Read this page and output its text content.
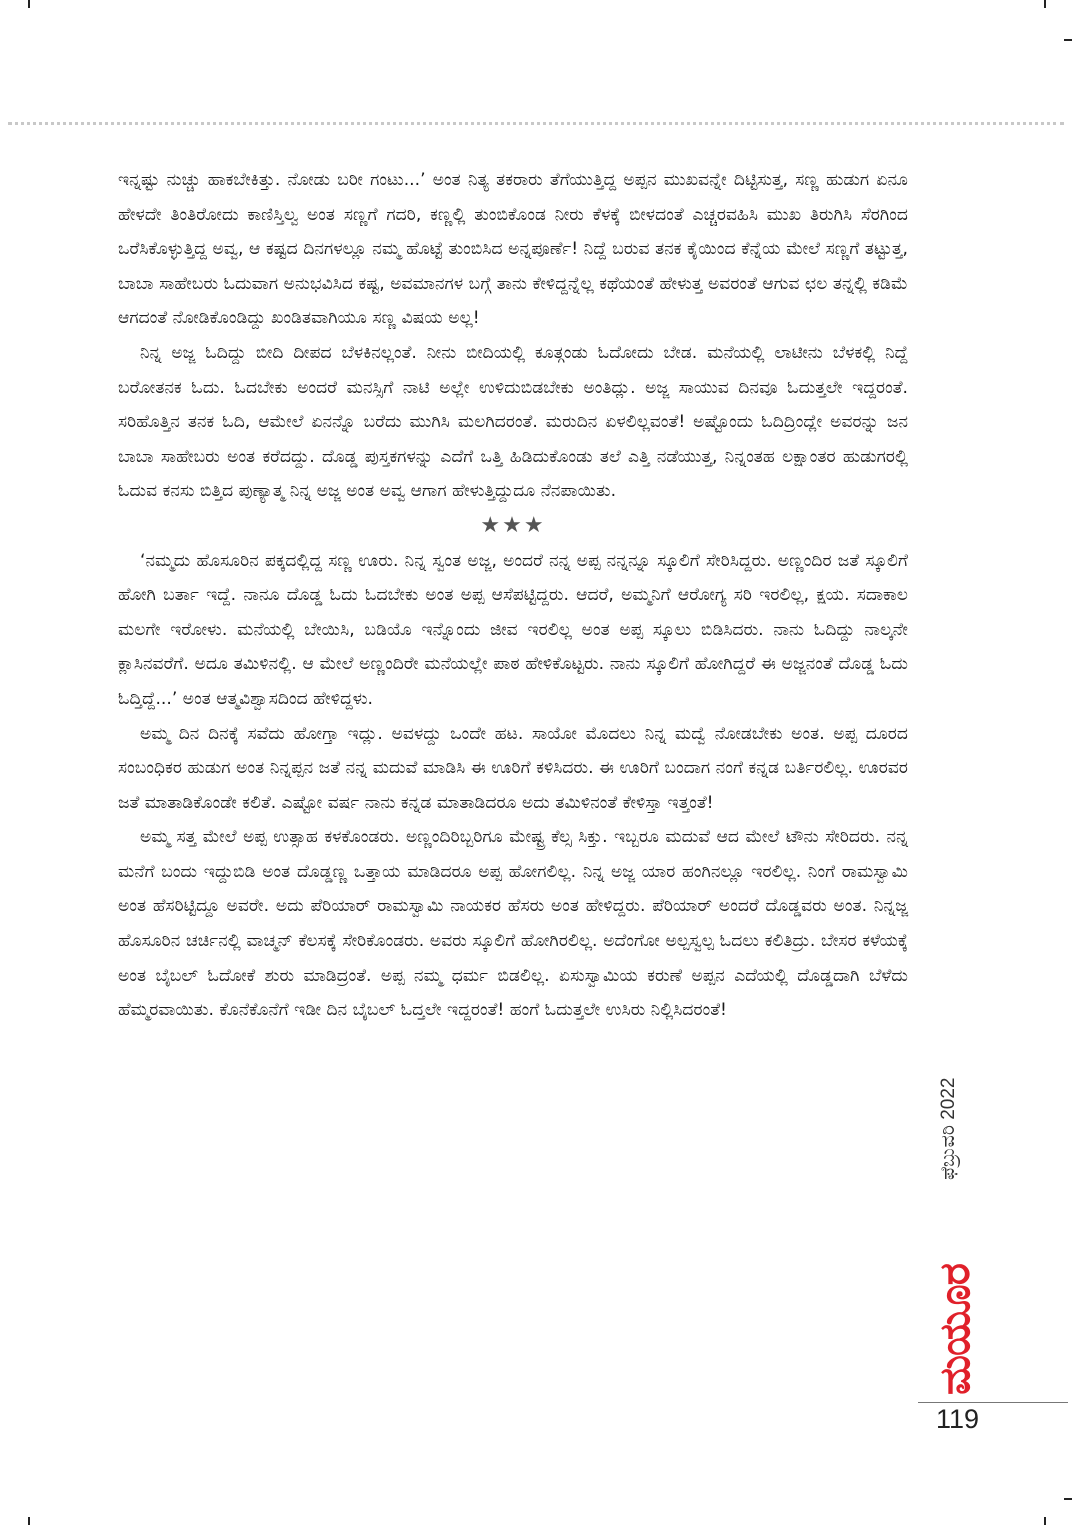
ಇನ್ನಷ್ಟು ನುಚ್ಚು ಹಾಕಬೇಕಿತ್ತು. ನೋಡು ಬರೀ ಗಂಟು...’ ಅಂತ ನಿತ್ಯ ತಕರಾರು ತೆಗೆಯುತ್ತಿದ್ದ ಅಪ್ಪನ ಮುಖವನ್ನೇ ದಿಟ್ಟಿಸುತ್ತ, ಸಣ್ಣ ಹುಡುಗ ಏನೂ ಹೇಳದೇ ತಿಂತಿರೋದು ಕಾಣಿಸ್ತಿಲ್ವ ಅಂತ ಸಣ್ಣಗೆ ಗದರಿ, ಕಣ್ಣಲ್ಲಿ ತುಂಬಿಕೊಂಡ ನೀರು ಕೆಳಕ್ಕೆ ಬೀಳದಂತೆ ಎಚ್ಚರವಹಿಸಿ ಮುಖ ತಿರುಗಿಸಿ ಸೆರಗಿಂದ ಒರೆಸಿಕೊಳ್ಳುತ್ತಿದ್ದ ಅವ್ವ, ಆ ಕಷ್ಟದ ದಿನಗಳಲ್ಲೂ ನಮ್ಮ ಹೊಟ್ಟೆ ತುಂಬಿಸಿದ ಅನ್ನಪೂರ್ಣೆ! ನಿದ್ದೆ ಬರುವ ತನಕ ಕೈಯಿಂದ ಕೆನ್ನೆಯ ಮೇಲೆ ಸಣ್ಣಗೆ ತಟ್ಟುತ್ತ, ಬಾಬಾ ಸಾಹೇಬರು ಓದುವಾಗ ಅನುಭವಿಸಿದ ಕಷ್ಟ, ಅವಮಾನಗಳ ಬಗ್ಗೆ ತಾನು ಕೇಳಿದ್ದನ್ನೆಲ್ಲ ಕಥೆಯಂತೆ ಹೇಳುತ್ತ ಅವರಂತೆ ಆಗುವ ಛಲ ತನ್ನಲ್ಲಿ ಕಡಿಮೆ ಆಗದಂತೆ ನೋಡಿಕೊಂಡಿದ್ದು ಖಂಡಿತವಾಗಿಯೂ ಸಣ್ಣ ವಿಷಯ ಅಲ್ಲ!

ನಿನ್ನ ಅಜ್ಜ ಓದಿದ್ದು ಬೀದಿ ದೀಪದ ಬೆಳಕಿನಲ್ಲಂತೆ. ನೀನು ಬೀದಿಯಲ್ಲಿ ಕೂತ್ಗಂಡು ಓದೋದು ಬೇಡ. ಮನೆಯಲ್ಲಿ ಲಾಟೀನು ಬೆಳಕಲ್ಲಿ ನಿದ್ದೆ ಬರೋತನಕ ಓದು. ಓದಬೇಕು ಅಂದರೆ ಮನಸ್ಸಿಗೆ ನಾಟಿ ಅಲ್ಲೇ ಉಳಿದುಬಿಡಬೇಕು ಅಂತಿದ್ಲು. ಅಜ್ಜ ಸಾಯುವ ದಿನವೂ ಓದುತ್ತಲೇ ಇದ್ದರಂತೆ. ಸರಿಹೊತ್ತಿನ ತನಕ ಓದಿ, ಆಮೇಲೆ ಏನನ್ನೊ ಬರೆದು ಮುಗಿಸಿ ಮಲಗಿದರಂತೆ. ಮರುದಿನ ಏಳಲಿಲ್ಲವಂತೆ! ಅಷ್ಟೊಂದು ಓದಿದ್ರಿಂದ್ಲೇ ಅವರನ್ನು ಜನ ಬಾಬಾ ಸಾಹೇಬರು ಅಂತ ಕರೆದದ್ದು. ದೊಡ್ಡ ಪುಸ್ತಕಗಳನ್ನು ಎದೆಗೆ ಒತ್ತಿ ಹಿಡಿದುಕೊಂಡು ತಲೆ ಎತ್ತಿ ನಡೆಯುತ್ತ, ನಿನ್ನಂತಹ ಲಕ್ಷಾಂತರ ಹುಡುಗರಲ್ಲಿ ಓದುವ ಕನಸು ಬಿತ್ತಿದ ಪುಣ್ಯಾತ್ಮ ನಿನ್ನ ಅಜ್ಜ ಅಂತ ಅವ್ವ ಆಗಾಗ ಹೇಳುತ್ತಿದ್ದುದೂ ನೆನಪಾಯಿತು.

★★★

‘ನಮ್ಮದು ಹೊಸೂರಿನ ಪಕ್ಕದಲ್ಲಿದ್ದ ಸಣ್ಣ ಊರು. ನಿನ್ನ ಸ್ವಂತ ಅಜ್ಜ, ಅಂದರೆ ನನ್ನ ಅಪ್ಪ ನನ್ನನ್ನೂ ಸ್ಕೂಲಿಗೆ ಸೇರಿಸಿದ್ದರು. ಅಣ್ಣಂದಿರ ಜತೆ ಸ್ಕೂಲಿಗೆ ಹೋಗಿ ಬರ್ತಾ ಇದ್ದೆ. ನಾನೂ ದೊಡ್ಡ ಓದು ಓದಬೇಕು ಅಂತ ಅಪ್ಪ ಆಸೆಪಟ್ಟಿದ್ದರು. ಆದರೆ, ಅಮ್ಮನಿಗೆ ಆರೋಗ್ಯ ಸರಿ ಇರಲಿಲ್ಲ, ಕ್ಷಯ. ಸದಾಕಾಲ ಮಲಗೇ ಇರೋಳು. ಮನೆಯಲ್ಲಿ ಬೇಯಿಸಿ, ಬಡಿಯೊ ಇನ್ನೊಂದು ಜೀವ ಇರಲಿಲ್ಲ ಅಂತ ಅಪ್ಪ ಸ್ಕೂಲು ಬಿಡಿಸಿದರು. ನಾನು ಓದಿದ್ದು ನಾಲ್ಕನೇ ಕ್ಲಾಸಿನವರೆಗೆ. ಅದೂ ತಮಿಳಿನಲ್ಲಿ. ಆ ಮೇಲೆ ಅಣ್ಣಂದಿರೇ ಮನೆಯಲ್ಲೇ ಪಾಠ ಹೇಳಿಕೊಟ್ಟರು. ನಾನು ಸ್ಕೂಲಿಗೆ ಹೋಗಿದ್ದರೆ ಈ ಅಜ್ಜನಂತೆ ದೊಡ್ಡ ಓದು ಓದ್ತಿದ್ದೆ...’ ಅಂತ ಆತ್ಮವಿಶ್ವಾಸದಿಂದ ಹೇಳಿದ್ದಳು.

ಅಮ್ಮ ದಿನ ದಿನಕ್ಕೆ ಸವೆದು ಹೋಗ್ತಾ ಇದ್ಲು. ಅವಳದ್ದು ಒಂದೇ ಹಟ. ಸಾಯೋ ಮೊದಲು ನಿನ್ನ ಮದ್ವೆ ನೋಡಬೇಕು ಅಂತ. ಅಪ್ಪ ದೂರದ ಸಂಬಂಧಿಕರ ಹುಡುಗ ಅಂತ ನಿನ್ನಪ್ಪನ ಜತೆ ನನ್ನ ಮದುವೆ ಮಾಡಿಸಿ ಈ ಊರಿಗೆ ಕಳಿಸಿದರು. ಈ ಊರಿಗೆ ಬಂದಾಗ ನಂಗೆ ಕನ್ನಡ ಬರ್ತಿರಲಿಲ್ಲ. ಊರವರ ಜತೆ ಮಾತಾಡಿಕೊಂಡೇ ಕಲಿತೆ. ಎಷ್ಟೋ ವರ್ಷ ನಾನು ಕನ್ನಡ ಮಾತಾಡಿದರೂ ಅದು ತಮಿಳಿನಂತೆ ಕೇಳಿಸ್ತಾ ಇತ್ತಂತೆ!

ಅಮ್ಮ ಸತ್ತ ಮೇಲೆ ಅಪ್ಪ ಉತ್ಸಾಹ ಕಳಕೊಂಡರು. ಅಣ್ಣಂದಿರಿಬ್ಬರಿಗೂ ಮೇಷ್ಟ್ರ ಕೆಲ್ಸ ಸಿಕ್ತು. ಇಬ್ಬರೂ ಮದುವೆ ಆದ ಮೇಲೆ ಟೌನು ಸೇರಿದರು. ನನ್ನ ಮನೆಗೆ ಬಂದು ಇದ್ದುಬಿಡಿ ಅಂತ ದೊಡ್ಡಣ್ಣ ಒತ್ತಾಯ ಮಾಡಿದರೂ ಅಪ್ಪ ಹೋಗಲಿಲ್ಲ. ನಿನ್ನ ಅಜ್ಜ ಯಾರ ಹಂಗಿನಲ್ಲೂ ಇರಲಿಲ್ಲ. ನಿಂಗೆ ರಾಮಸ್ವಾಮಿ ಅಂತ ಹೆಸರಿಟ್ಟಿದ್ದೂ ಅವರೇ. ಅದು ಪೆರಿಯಾರ್ ರಾಮಸ್ವಾಮಿ ನಾಯಕರ ಹೆಸರು ಅಂತ ಹೇಳಿದ್ದರು. ಪೆರಿಯಾರ್ ಅಂದರೆ ದೊಡ್ಡವರು ಅಂತ. ನಿನ್ನಜ್ಜ ಹೊಸೂರಿನ ಚರ್ಚಿನಲ್ಲಿ ವಾಚ್ಮನ್ ಕೆಲಸಕ್ಕೆ ಸೇರಿಕೊಂಡರು. ಅವರು ಸ್ಕೂಲಿಗೆ ಹೋಗಿರಲಿಲ್ಲ. ಅದೆಂಗೋ ಅಲ್ಪಸ್ವಲ್ಪ ಓದಲು ಕಲಿತಿದ್ರು. ಬೇಸರ ಕಳೆಯಕ್ಕೆ ಅಂತ ಬೈಬಲ್ ಓದೋಕೆ ಶುರು ಮಾಡಿದ್ರಂತೆ. ಅಪ್ಪ ನಮ್ಮ ಧರ್ಮ ಬಿಡಲಿಲ್ಲ. ಏಸುಸ್ವಾಮಿಯ ಕರುಣೆ ಅಪ್ಪನ ಎದೆಯಲ್ಲಿ ದೊಡ್ಡದಾಗಿ ಬೆಳೆದು ಹೆಮ್ಮರವಾಯಿತು. ಕೊನೆಕೊನೆಗೆ ಇಡೀ ದಿನ ಬೈಬಲ್ ಓದ್ತಲೇ ಇದ್ದರಂತೆ! ಹಂಗೆ ಓದುತ್ತಲೇ ಉಸಿರು ನಿಲ್ಲಿಸಿದರಂತೆ!

ಫೆಬ್ರುವರಿ 2022
ಮಯೂರ
119
